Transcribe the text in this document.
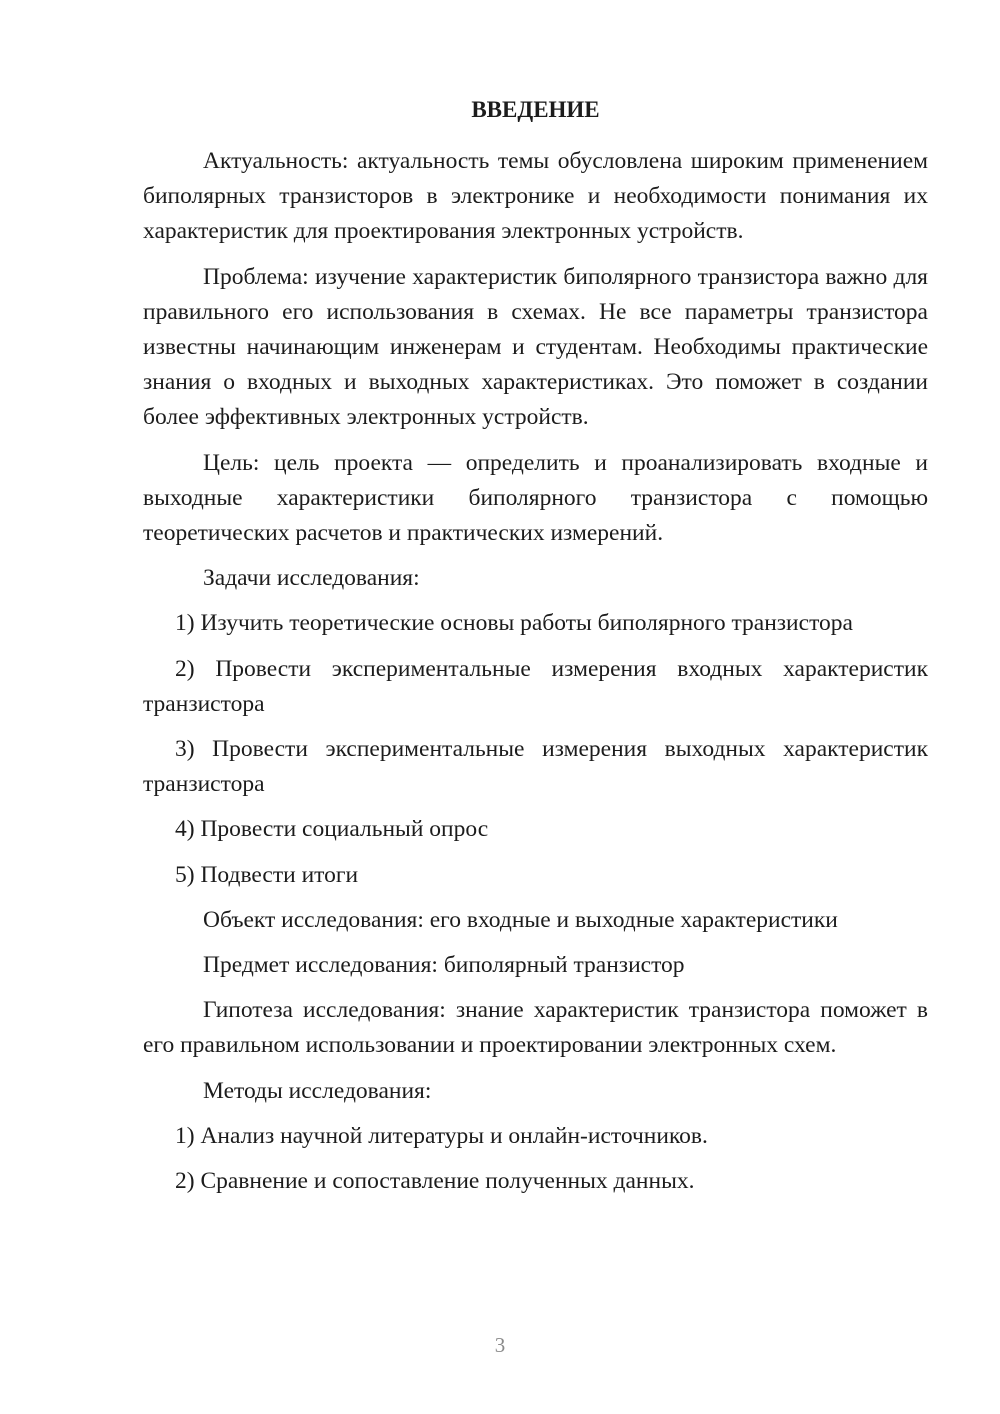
ВВЕДЕНИЕ
Актуальность: актуальность темы обусловлена широким применением биполярных транзисторов в электронике и необходимости понимания их характеристик для проектирования электронных устройств.
Проблема: изучение характеристик биполярного транзистора важно для правильного его использования в схемах. Не все параметры транзистора известны начинающим инженерам и студентам. Необходимы практические знания о входных и выходных характеристиках. Это поможет в создании более эффективных электронных устройств.
Цель: цель проекта — определить и проанализировать входные и выходные характеристики биполярного транзистора с помощью теоретических расчетов и практических измерений.
Задачи исследования:
1) Изучить теоретические основы работы биполярного транзистора
2) Провести экспериментальные измерения входных характеристик транзистора
3) Провести экспериментальные измерения выходных характеристик транзистора
4) Провести социальный опрос
5) Подвести итоги
Объект исследования: его входные и выходные характеристики
Предмет исследования: биполярный транзистор
Гипотеза исследования: знание характеристик транзистора поможет в его правильном использовании и проектировании электронных схем.
Методы исследования:
1) Анализ научной литературы и онлайн-источников.
2) Сравнение и сопоставление полученных данных.
3
